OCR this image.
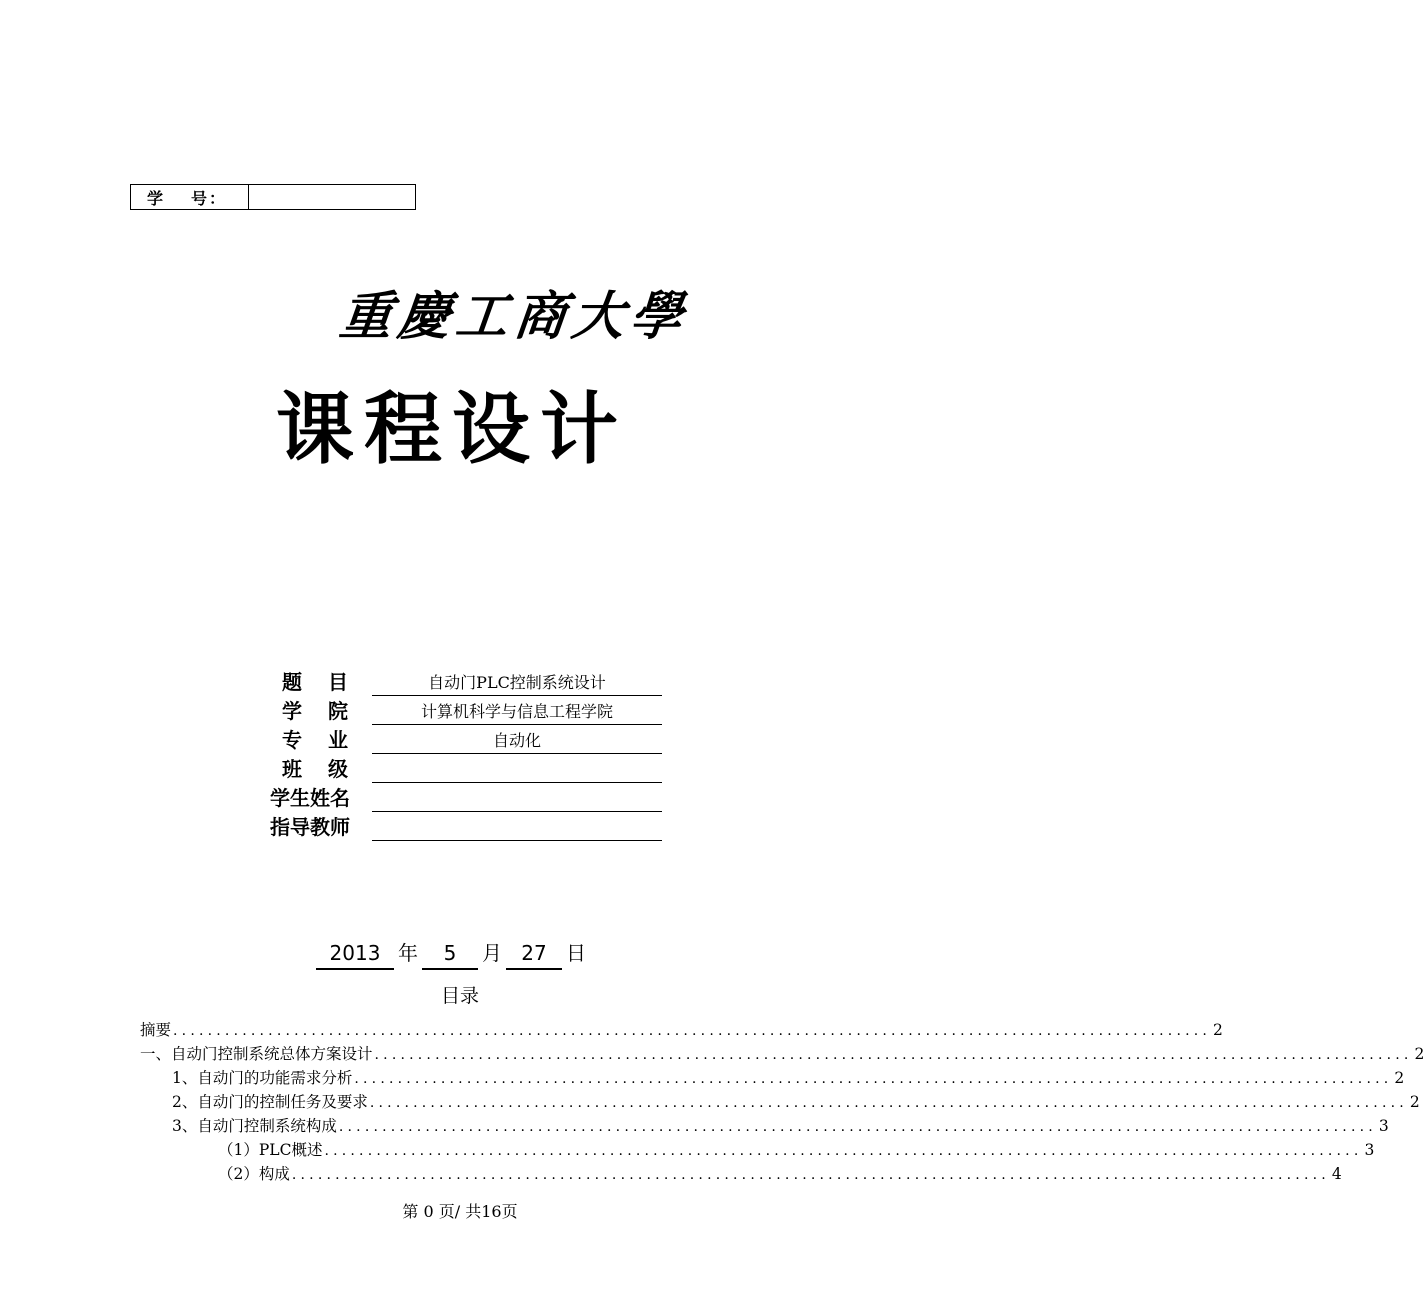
学 号：
重慶工商大學
课程设计
题 目	自动门PLC控制系统设计
学 院	计算机科学与信息工程学院
专 业	自动化
班 级
学生姓名
指导教师
2013 年 5 月 27 日
目录
摘要 ........................................................................................................................ 2
一、自动门控制系统总体方案设计 ........................................................................................................................ 2
1、自动门的功能需求分析 ........................................................................................................................ 2
2、自动门的控制任务及要求 ........................................................................................................................ 2
3、自动门控制系统构成 ........................................................................................................................ 3
（1）PLC概述 ........................................................................................................................ 3
（2）构成 ........................................................................................................................ 4
第 0 页/ 共16页
